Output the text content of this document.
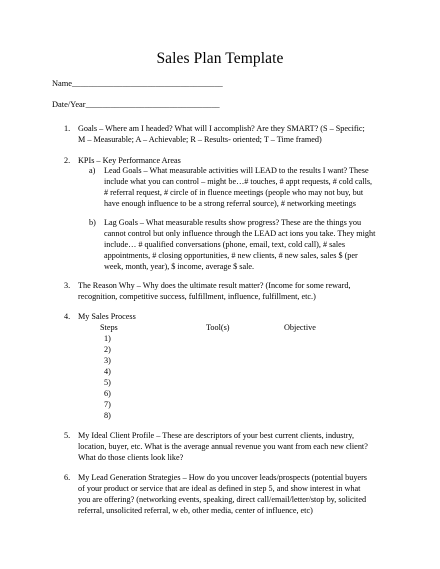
Sales Plan Template
Name____________________________________
Date/Year________________________________
1. Goals – Where am I headed? What will I accomplish? Are they SMART? (S – Specific;
M – Measurable; A – Achievable; R – Results- oriented; T – Time framed)
2. KPIs – Key Performance Areas
a) Lead Goals – What measurable activities will LEAD to the results I want? These
include what you can control – might be…# touches, # appt requests, # cold calls,
# referral request, # circle of in fluence meetings (people who may not buy, but
have enough influence to be a strong referral source), # networking meetings
b) Lag Goals – What measurable results show progress? These are the things you
cannot control but only influence through the LEAD act ions you take. They might
include… # qualified conversations (phone, email, text, cold call), # sales
appointments, # closing opportunities, # new clients, # new sales, sales $ (per
week, month, year), $ income, average $ sale.
3. The Reason Why – Why does the ultimate result matter? (Income for some reward,
recognition, competitive success, fulfillment, influence, fulfillment, etc.)
4. My Sales Process
Steps	Tool(s)	Objective
1)
2)
3)
4)
5)
6)
7)
8)
5. My Ideal Client Profile – These are descriptors of your best current clients, industry,
location, buyer, etc. What is the average annual revenue you want from each new client?
What do those clients look like?
6. My Lead Generation Strategies – How do you uncover leads/prospects (potential buyers
of your product or service that are ideal as defined in step 5, and show interest in what
you are offering? (networking events, speaking, direct call/email/letter/stop by, solicited
referral, unsolicited referral, w eb, other media, center of influence, etc)
